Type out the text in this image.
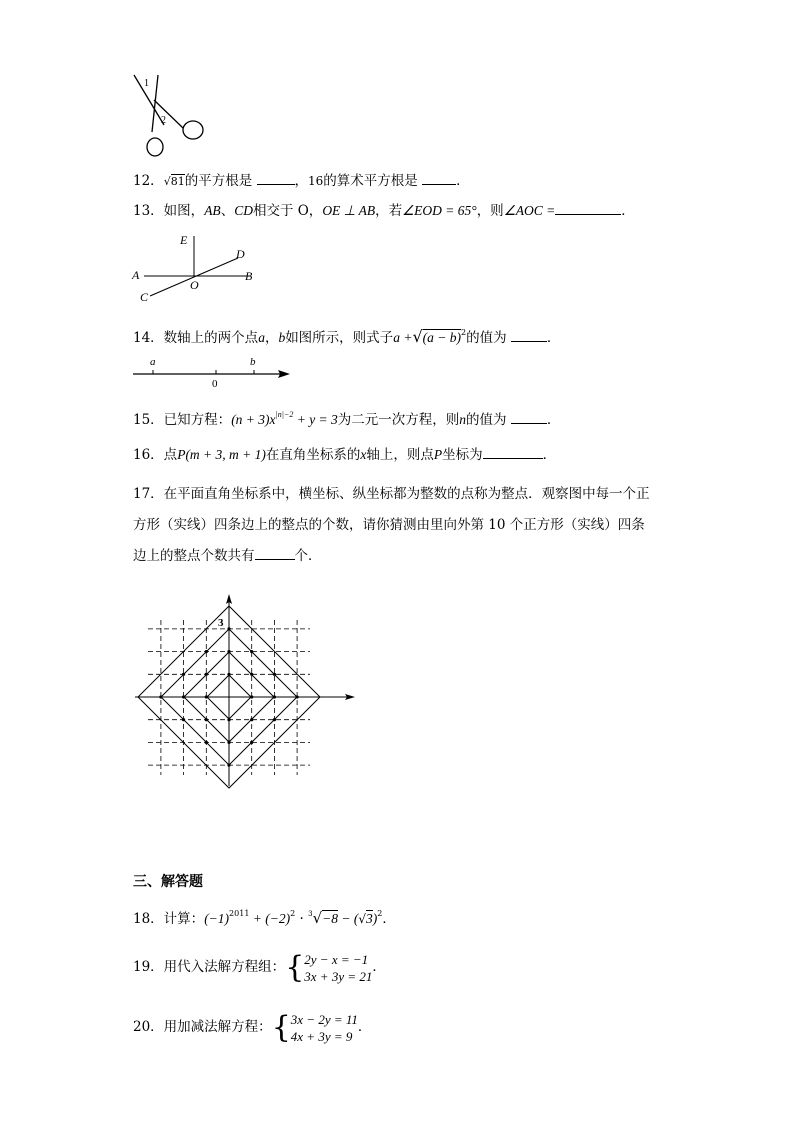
1
2
12．√81的平方根是	，16的算术平方根是	．
13．如图，AB、CD相交于 O，OE ⊥ AB，若∠EOD = 65°，则∠AOC =	．
E
D
A	B
O
C
14．数轴上的两个点a，b如图所示，则式子$a +√(a - b)^2$的值为	．
a	b
0
15．已知方程：$(n + 3)x^{|n|-2} + y = 3$为二元一次方程，则n的值为	．
16．点P(m + 3, m + 1)在直角坐标系的x轴上，则点P坐标为	．
17．在平面直角坐标系中，横坐标、纵坐标都为整数的点称为整点．观察图中每一个正
方形（实线）四条边上的整点的个数，请你猜测由里向外第 10 个正方形（实线）四条
边上的整点个数共有	个．
3
三、解答题
18．计算：$(-1)^{2011} + (-2)^2 \cdot ^3√-8 - (√3)^2$．
19．用代入法解方程组：{2y − x = −1
3x + 3y = 21．
20．用加减法解方程：{3x − 2y = 11
4x + 3y = 9．
